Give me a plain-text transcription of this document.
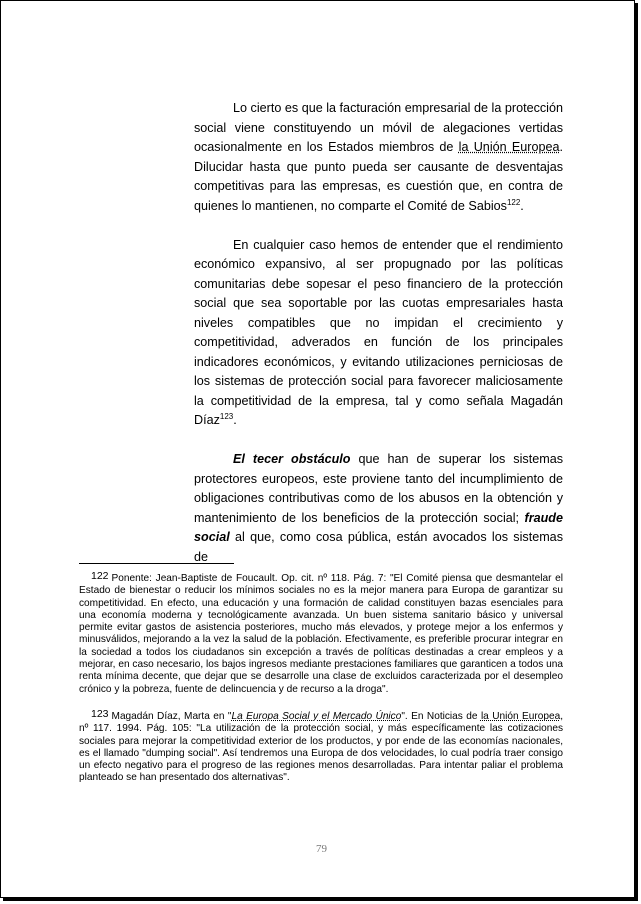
Lo cierto es que la facturación empresarial de la protección social viene constituyendo un móvil de alegaciones vertidas ocasionalmente en los Estados miembros de la Unión Europea. Dilucidar hasta que punto pueda ser causante de desventajas competitivas para las empresas, es cuestión que, en contra de quienes lo mantienen, no comparte el Comité de Sabios$^{122}$.

En cualquier caso hemos de entender que el rendimiento económico expansivo, al ser propugnado por las políticas comunitarias debe sopesar el peso financiero de la protección social que sea soportable por las cuotas empresariales hasta niveles compatibles que no impidan el crecimiento y competitividad, adverados en función de los principales indicadores económicos, y evitando utilizaciones perniciosas de los sistemas de protección social para favorecer maliciosamente la competitividad de la empresa, tal y como señala Magadán Díaz$^{123}$.

El tecer obstáculo que han de superar los sistemas protectores europeos, este proviene tanto del incumplimiento de obligaciones contributivas como de los abusos en la obtención y mantenimiento de los beneficios de la protección social; fraude social al que, como cosa pública, están avocados los sistemas de

122 Ponente: Jean-Baptiste de Foucault. Op. cit. nº 118. Pág. 7: "El Comité piensa que desmantelar el Estado de bienestar o reducir los mínimos sociales no es la mejor manera para Europa de garantizar su competitividad. En efecto, una educación y una formación de calidad constituyen bazas esenciales para una economía moderna y tecnológicamente avanzada. Un buen sistema sanitario básico y universal permite evitar gastos de asistencia posteriores, mucho más elevados, y protege mejor a los enfermos y minusválidos, mejorando a la vez la salud de la población. Efectivamente, es preferible procurar integrar en la sociedad a todos los ciudadanos sin excepción a través de políticas destinadas a crear empleos y a mejorar, en caso necesario, los bajos ingresos mediante prestaciones familiares que garanticen a todos una renta mínima decente, que dejar que se desarrolle una clase de excluidos caracterizada por el desempleo crónico y la pobreza, fuente de delincuencia y de recurso a la droga".

123 Magadán Díaz, Marta en "La Europa Social y el Mercado Único". En Noticias de la Unión Europea, nº 117. 1994. Pág. 105: "La utilización de la protección social, y más específicamente las cotizaciones sociales para mejorar la competitividad exterior de los productos, y por ende de las economías nacionales, es el llamado "dumping social". Así tendremos una Europa de dos velocidades, lo cual podría traer consigo un efecto negativo para el progreso de las regiones menos desarrolladas. Para intentar paliar el problema planteado se han presentado dos alternativas".

79
